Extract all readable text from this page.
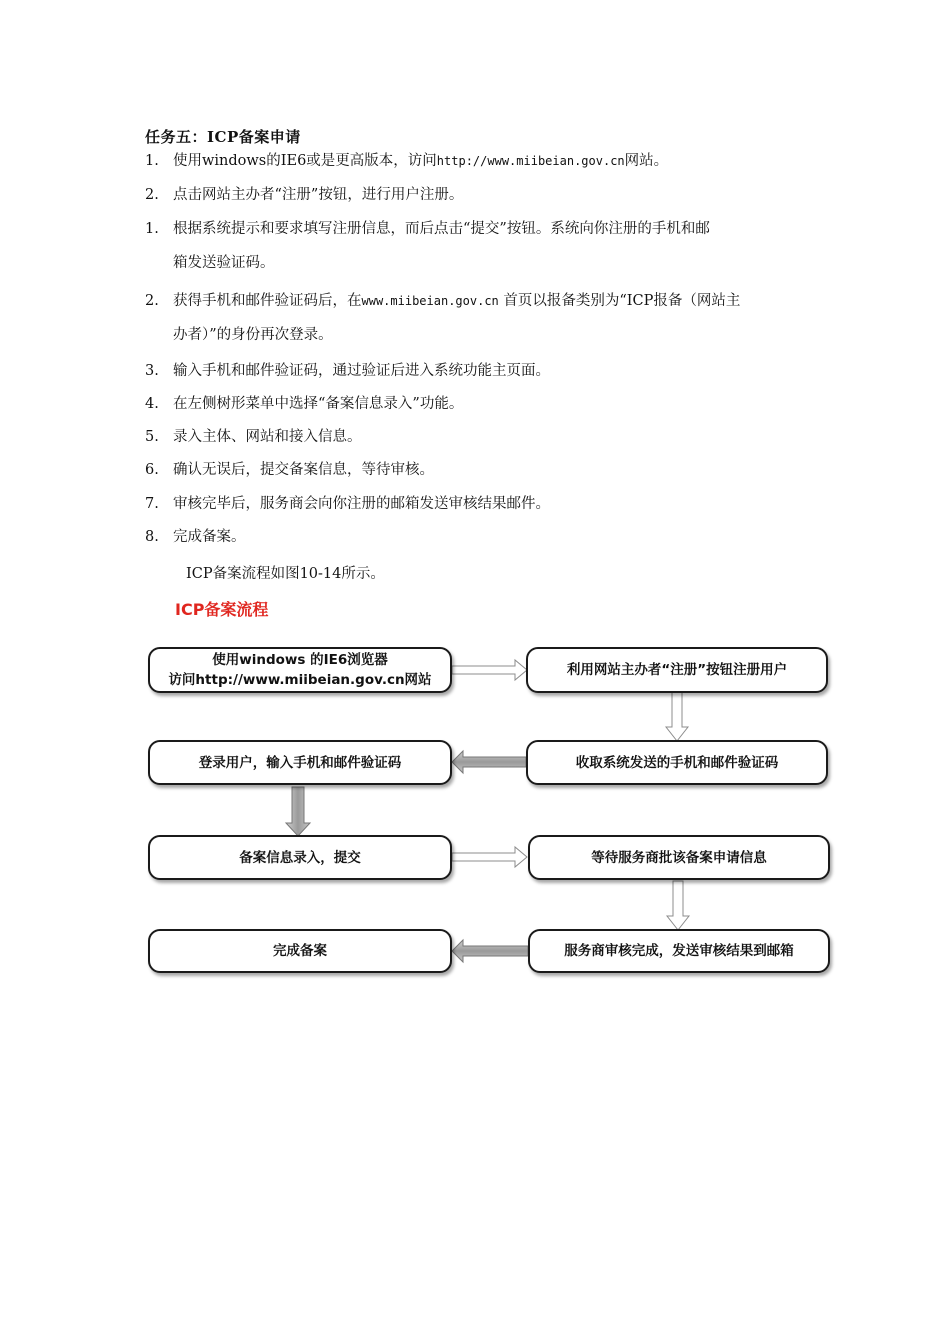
任务五：ICP备案申请
1. 使用windows的IE6或是更高版本，访问http://www.miibeian.gov.cn网站。
2. 点击网站主办者“注册”按钮，进行用户注册。
1. 根据系统提示和要求填写注册信息，而后点击“提交”按钮。系统向你注册的手机和邮
箱发送验证码。
2. 获得手机和邮件验证码后，在www.miibeian.gov.cn 首页以报备类别为“ICP报备（网站主
办者）”的身份再次登录。
3. 输入手机和邮件验证码，通过验证后进入系统功能主页面。
4. 在左侧树形菜单中选择“备案信息录入”功能。
5. 录入主体、网站和接入信息。
6. 确认无误后，提交备案信息，等待审核。
7. 审核完毕后，服务商会向你注册的邮箱发送审核结果邮件。
8. 完成备案。
ICP备案流程如图10-14所示。
ICP备案流程
使用windows 的IE6浏览器
访问http://www.miibeian.gov.cn网站
利用网站主办者“注册”按钮注册用户
登录用户，输入手机和邮件验证码	收取系统发送的手机和邮件验证码
备案信息录入，提交	等待服务商批该备案申请信息
完成备案	服务商审核完成，发送审核结果到邮箱
